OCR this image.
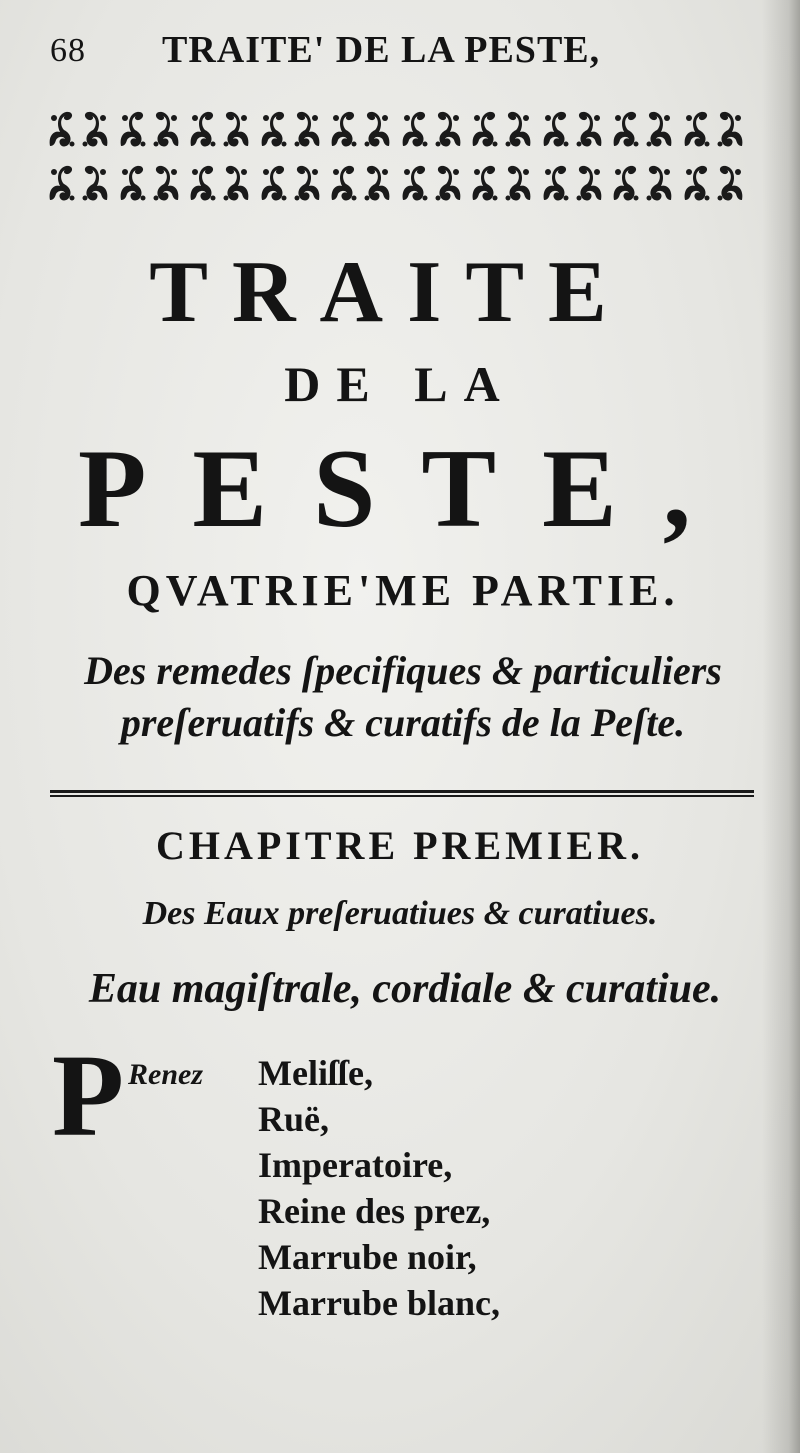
68 TRAITE' DE LA PESTE,
TRAITE
DE LA
PESTE,
QVATRIE'ME PARTIE.
Des remedes ſpecifiques & particuliers
preſeruatifs & curatifs de la Peſte.
CHAPITRE PREMIER.
Des Eaux preſeruatiues & curatiues.
Eau magiſtrale, cordiale & curatiue.
P Renez Meliſſe,
Ruë,
Imperatoire,
Reine des prez,
Marrube noir,
Marrube blanc,
